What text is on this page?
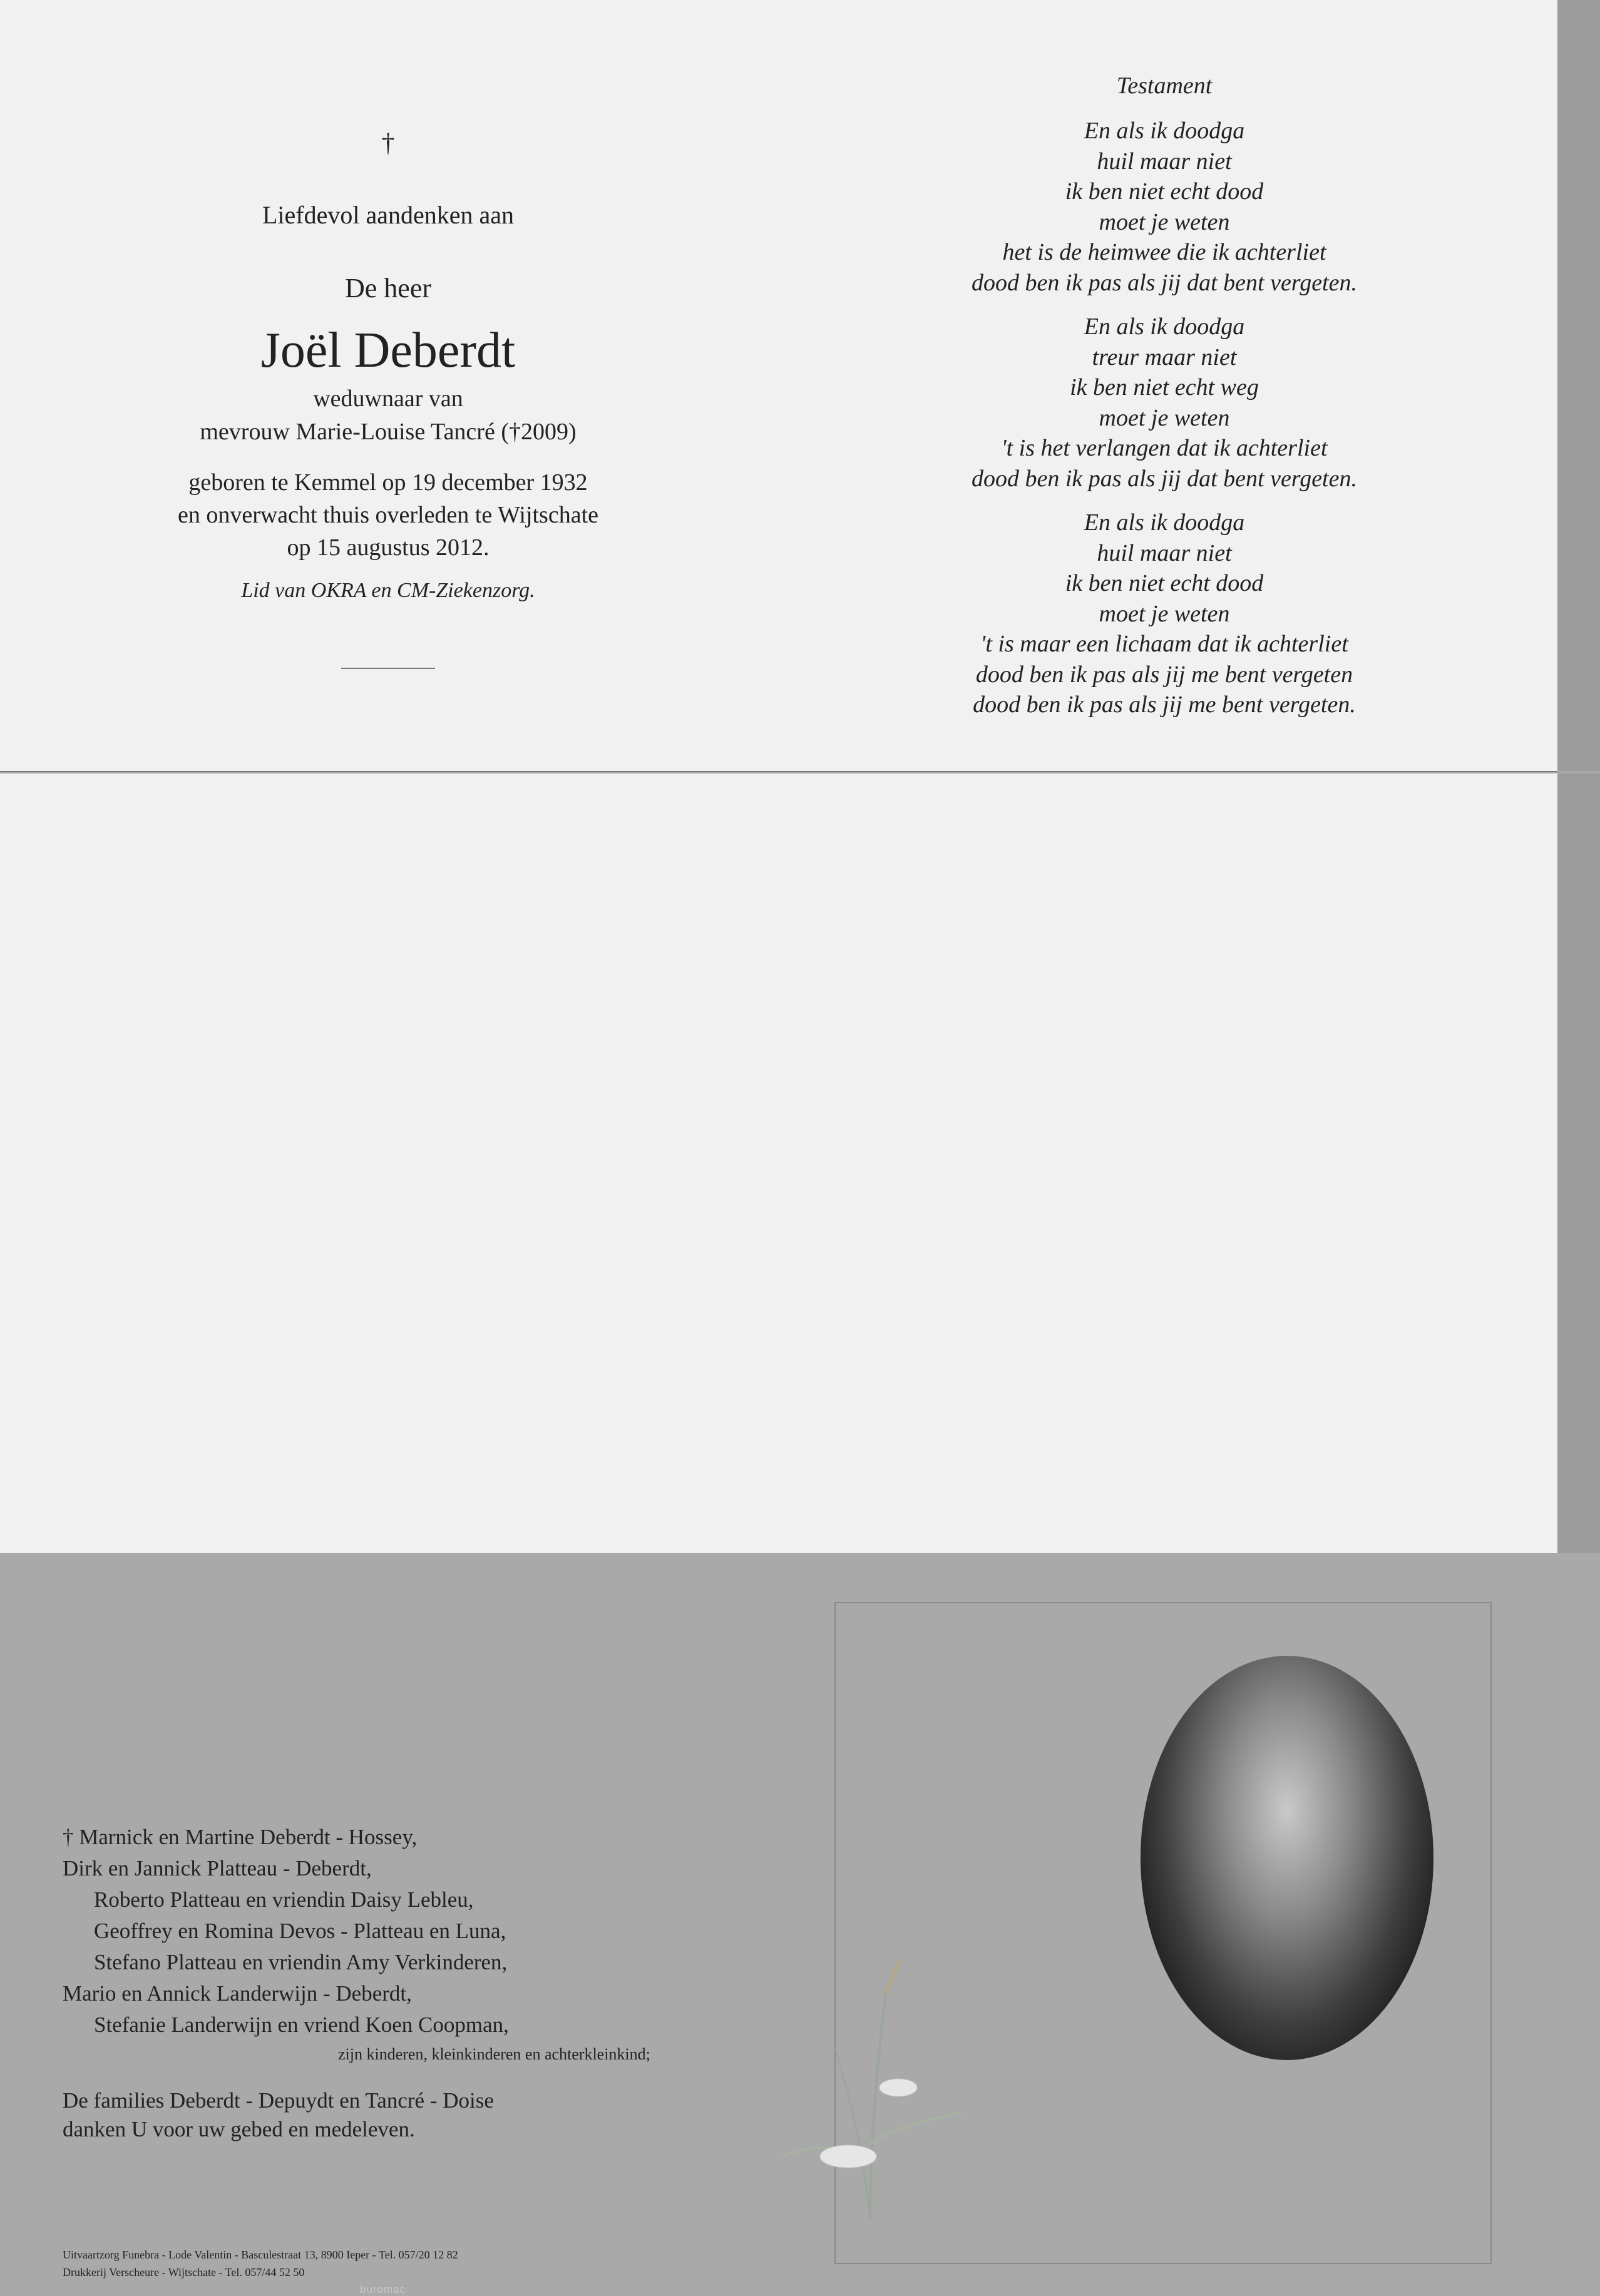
†
Liefdevol aandenken aan
De heer
Joël Deberdt
weduwnaar van
mevrouw Marie-Louise Tancré (†2009)
geboren te Kemmel op 19 december 1932
en onverwacht thuis overleden te Wijtschate
op 15 augustus 2012.
Lid van OKRA en CM-Ziekenzorg.
Testament
En als ik doodga
huil maar niet
ik ben niet echt dood
moet je weten
het is de heimwee die ik achterliet
dood ben ik pas als jij dat bent vergeten.
En als ik doodga
treur maar niet
ik ben niet echt weg
moet je weten
't is het verlangen dat ik achterliet
dood ben ik pas als jij dat bent vergeten.
En als ik doodga
huil maar niet
ik ben niet echt dood
moet je weten
't is maar een lichaam dat ik achterliet
dood ben ik pas als jij me bent vergeten
dood ben ik pas als jij me bent vergeten.
† Marnick en Martine Deberdt - Hossey,
Dirk en Jannick Platteau - Deberdt,
Roberto Platteau en vriendin Daisy Lebleu,
Geoffrey en Romina Devos - Platteau en Luna,
Stefano Platteau en vriendin Amy Verkinderen,
Mario en Annick Landerwijn - Deberdt,
Stefanie Landerwijn en vriend Koen Coopman,
zijn kinderen, kleinkinderen en achterkleinkind;
De families Deberdt - Depuydt en Tancré - Doise
danken U voor uw gebed en medeleven.
Uitvaartzorg Funebra - Lode Valentin - Basculestraat 13, 8900 Ieper - Tel. 057/20 12 82
Drukkerij Verscheure - Wijtschate - Tel. 057/44 52 50
buromac
